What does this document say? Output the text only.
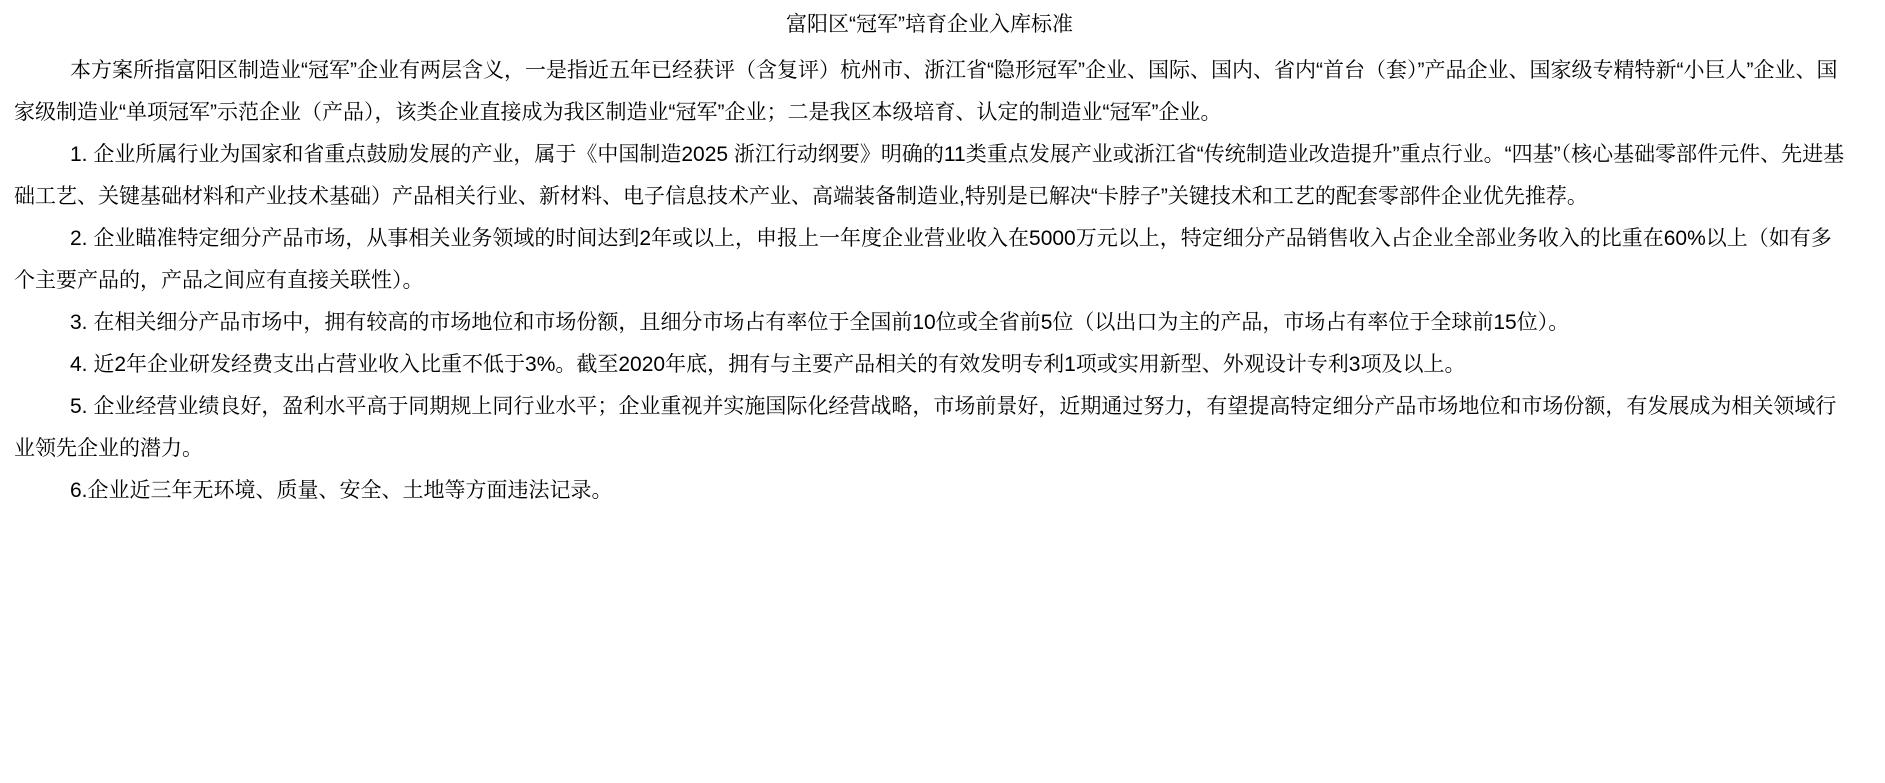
富阳区“冠军”培育企业入库标准

本方案所指富阳区制造业“冠军”企业有两层含义，一是指近五年已经获评（含复评）杭州市、浙江省“隐形冠军”企业、国际、国内、省内“首台（套）”产品企业、国家级专精特新“小巨人”企业、国家级制造业“单项冠军”示范企业（产品），该类企业直接成为我区制造业“冠军”企业；二是我区本级培育、认定的制造业“冠军”企业。

1. 企业所属行业为国家和省重点鼓励发展的产业，属于《中国制造2025 浙江行动纲要》明确的11类重点发展产业或浙江省“传统制造业改造提升”重点行业。“四基”（核心基础零部件元件、先进基础工艺、关键基础材料和产业技术基础）产品相关行业、新材料、电子信息技术产业、高端装备制造业,特别是已解决“卡脖子”关键技术和工艺的配套零部件企业优先推荐。

2. 企业瞄准特定细分产品市场，从事相关业务领域的时间达到2年或以上，申报上一年度企业营业收入在5000万元以上，特定细分产品销售收入占企业全部业务收入的比重在60%以上（如有多个主要产品的，产品之间应有直接关联性）。

3. 在相关细分产品市场中，拥有较高的市场地位和市场份额，且细分市场占有率位于全国前10位或全省前5位（以出口为主的产品，市场占有率位于全球前15位）。

4. 近2年企业研发经费支出占营业收入比重不低于3%。截至2020年底，拥有与主要产品相关的有效发明专利1项或实用新型、外观设计专利3项及以上。

5. 企业经营业绩良好，盈利水平高于同期规上同行业水平；企业重视并实施国际化经营战略，市场前景好，近期通过努力，有望提高特定细分产品市场地位和市场份额，有发展成为相关领域行业领先企业的潜力。

6.企业近三年无环境、质量、安全、土地等方面违法记录。
